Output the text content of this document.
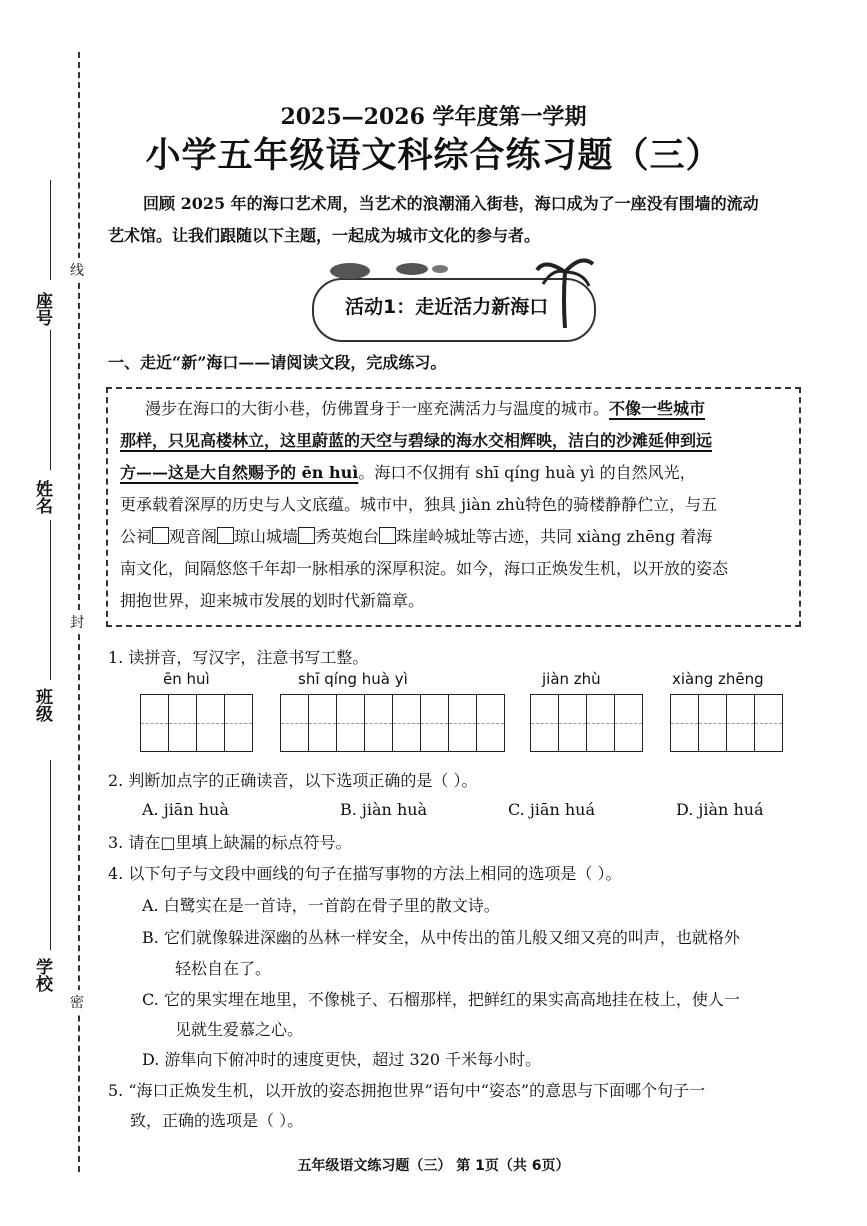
线
封
密
座号
姓名
班级
学校
2025—2026 学年度第一学期
小学五年级语文科综合练习题（三）
回顾 2025 年的海口艺术周，当艺术的浪潮涌入街巷，海口成为了一座没有围墙的流动
艺术馆。让我们跟随以下主题，一起成为城市文化的参与者。
活动1：走近活力新海口
一、走近“新”海口——请阅读文段，完成练习。
漫步在海口的大街小巷，仿佛置身于一座充满活力与温度的城市。不像一些城市
那样，只见高楼林立，这里蔚蓝的天空与碧绿的海水交相辉映，洁白的沙滩延伸到远
方——这是大自然赐予的 ēn huì。海口不仅拥有 shī qíng huà yì 的自然风光，
更承载着深厚的历史与人文底蕴。城市中，独具 jiàn zhù特色的骑楼静静伫立，与五
公祠 观音阁 琼山城墙 秀英炮台 珠崖岭城址等古迹，共同 xiàng zhēng 着海
南文化，间隔悠悠千年却一脉相承的深厚积淀。如今，海口正焕发生机，以开放的姿态
拥抱世界，迎来城市发展的划时代新篇章。
1. 读拼音，写汉字，注意书写工整。
ēn huì	shī qíng huà yì	jiàn zhù	xiàng zhēng
2. 判断加点字的正确读音，以下选项正确的是（ ）。
A. jiān huà	B. jiàn huà	C. jiān huá	D. jiàn huá
3. 请在□里填上缺漏的标点符号。
4. 以下句子与文段中画线的句子在描写事物的方法上相同的选项是（ ）。
A. 白鹭实在是一首诗，一首韵在骨子里的散文诗。
B. 它们就像躲进深幽的丛林一样安全，从中传出的笛儿般又细又亮的叫声，也就格外
轻松自在了。
C. 它的果实埋在地里，不像桃子、石榴那样，把鲜红的果实高高地挂在枝上，使人一
见就生爱慕之心。
D. 游隼向下俯冲时的速度更快，超过 320 千米每小时。
5. “海口正焕发生机，以开放的姿态拥抱世界”语句中“姿态”的意思与下面哪个句子一
致，正确的选项是（ ）。
五年级语文练习题（三） 第 1页（共 6页）
